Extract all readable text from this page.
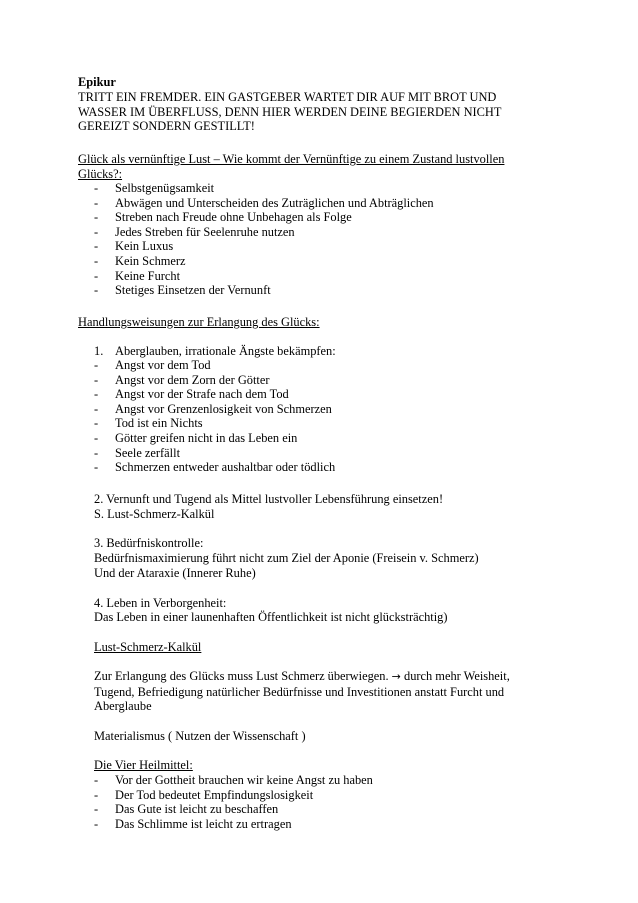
Epikur
TRITT EIN FREMDER. EIN GASTGEBER WARTET DIR AUF MIT BROT UND WASSER IM ÜBERFLUSS, DENN HIER WERDEN DEINE BEGIERDEN NICHT GEREIZT SONDERN GESTILLT!
Glück als vernünftige Lust – Wie kommt der Vernünftige zu einem Zustand lustvollen Glücks?:
- Selbstgenügsamkeit
- Abwägen und Unterscheiden des Zuträglichen und Abträglichen
- Streben nach Freude ohne Unbehagen als Folge
- Jedes Streben für Seelenruhe nutzen
- Kein Luxus
- Kein Schmerz
- Keine Furcht
- Stetiges Einsetzen der Vernunft
Handlungsweisungen zur Erlangung des Glücks:
1. Aberglauben, irrationale Ängste bekämpfen:
- Angst vor dem Tod
- Angst vor dem Zorn der Götter
- Angst vor der Strafe nach dem Tod
- Angst vor Grenzenlosigkeit von Schmerzen
- Tod ist ein Nichts
- Götter greifen nicht in das Leben ein
- Seele zerfällt
- Schmerzen entweder aushaltbar oder tödlich
2. Vernunft und Tugend als Mittel lustvoller Lebensführung einsetzen!
S. Lust-Schmerz-Kalkül
3. Bedürfniskontrolle:
Bedürfnismaximierung führt nicht zum Ziel der Aponie (Freisein v. Schmerz)
Und der Ataraxie (Innerer Ruhe)
4. Leben in Verborgenheit:
Das Leben in einer launenhaften Öffentlichkeit ist nicht glücksträchtig)
Lust-Schmerz-Kalkül
Zur Erlangung des Glücks muss Lust Schmerz überwiegen. → durch mehr Weisheit, Tugend, Befriedigung natürlicher Bedürfnisse und Investitionen anstatt Furcht und Aberglaube
Materialismus ( Nutzen der Wissenschaft )
Die Vier Heilmittel:
- Vor der Gottheit brauchen wir keine Angst zu haben
- Der Tod bedeutet Empfindungslosigkeit
- Das Gute ist leicht zu beschaffen
- Das Schlimme ist leicht zu ertragen
